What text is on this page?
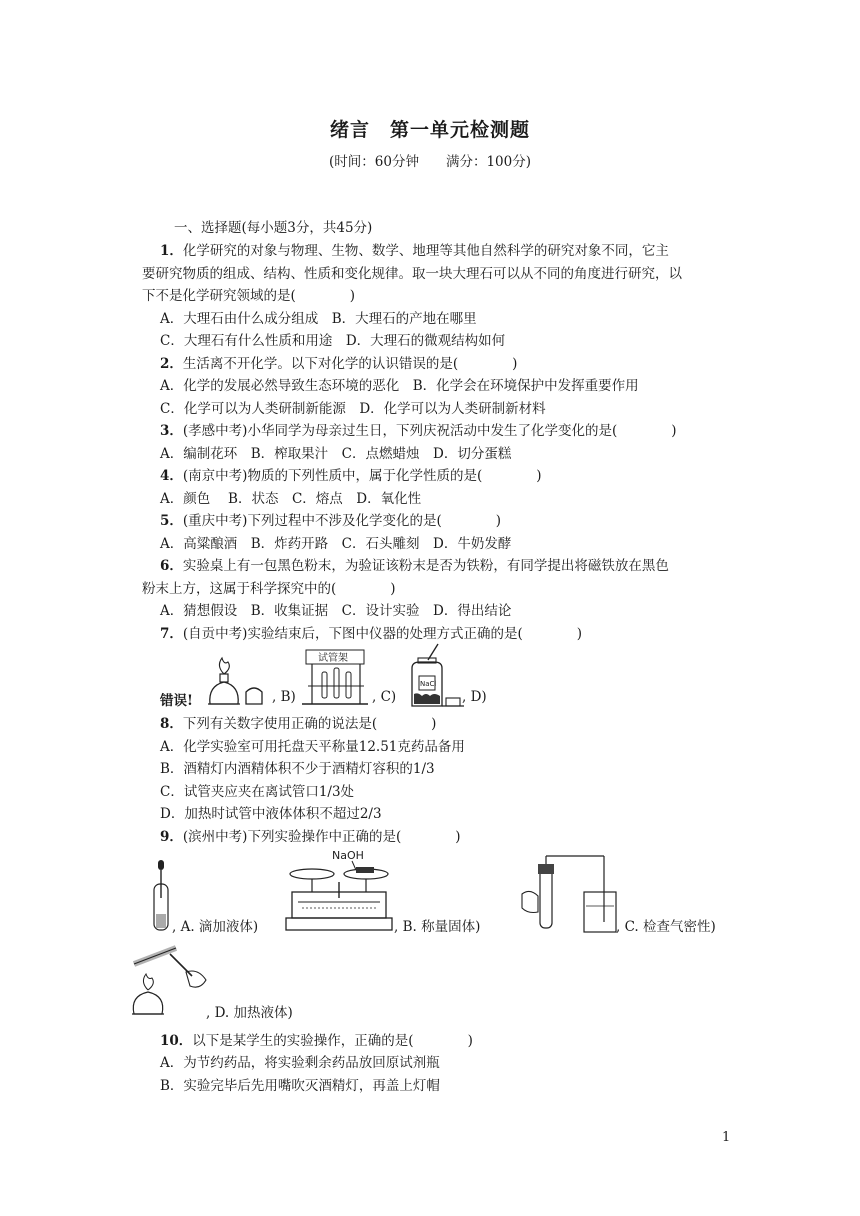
绪言　第一单元检测题
(时间：60分钟　　满分：100分)
一、选择题(每小题3分，共45分)
1．化学研究的对象与物理、生物、数学、地理等其他自然科学的研究对象不同，它主
要研究物质的组成、结构、性质和变化规律。取一块大理石可以从不同的角度进行研究，以
下不是化学研究领域的是(　　　　)
A．大理石由什么成分组成　B．大理石的产地在哪里
C．大理石有什么性质和用途　D．大理石的微观结构如何
2．生活离不开化学。以下对化学的认识错误的是(　　　　)
A．化学的发展必然导致生态环境的恶化　B．化学会在环境保护中发挥重要作用
C．化学可以为人类研制新能源　D．化学可以为人类研制新材料
3．(孝感中考)小华同学为母亲过生日，下列庆祝活动中发生了化学变化的是(　　　　)
A．编制花环　B．榨取果汁　C．点燃蜡烛　D．切分蛋糕
4．(南京中考)物质的下列性质中，属于化学性质的是(　　　　)
A．颜色　 B．状态　C．熔点　D．氧化性
5．(重庆中考)下列过程中不涉及化学变化的是(　　　　)
A．高粱酿酒　B．炸药开路　C．石头雕刻　D．牛奶发酵
6．实验桌上有一包黑色粉末，为验证该粉末是否为铁粉，有同学提出将磁铁放在黑色
粉末上方，这属于科学探究中的(　　　　)
A．猜想假设　B．收集证据　C．设计实验　D．得出结论
7．(自贡中考)实验结束后，下图中仪器的处理方式正确的是(　　　　)
错误!	, B)
试管架
, C)
NaCl
, D)
8．下列有关数字使用正确的说法是(　　　　)
A．化学实验室可用托盘天平称量12.51克药品备用
B．酒精灯内酒精体积不少于酒精灯容积的1/3
C．试管夹应夹在离试管口1/3处
D．加热时试管中液体体积不超过2/3
9．(滨州中考)下列实验操作中正确的是(　　　　)
, A. 滴加液体)
NaOH
, B. 称量固体)	, C. 检查气密性)
, D. 加热液体)
10．以下是某学生的实验操作，正确的是(　　　　)
A．为节约药品，将实验剩余药品放回原试剂瓶
B．实验完毕后先用嘴吹灭酒精灯，再盖上灯帽
1
